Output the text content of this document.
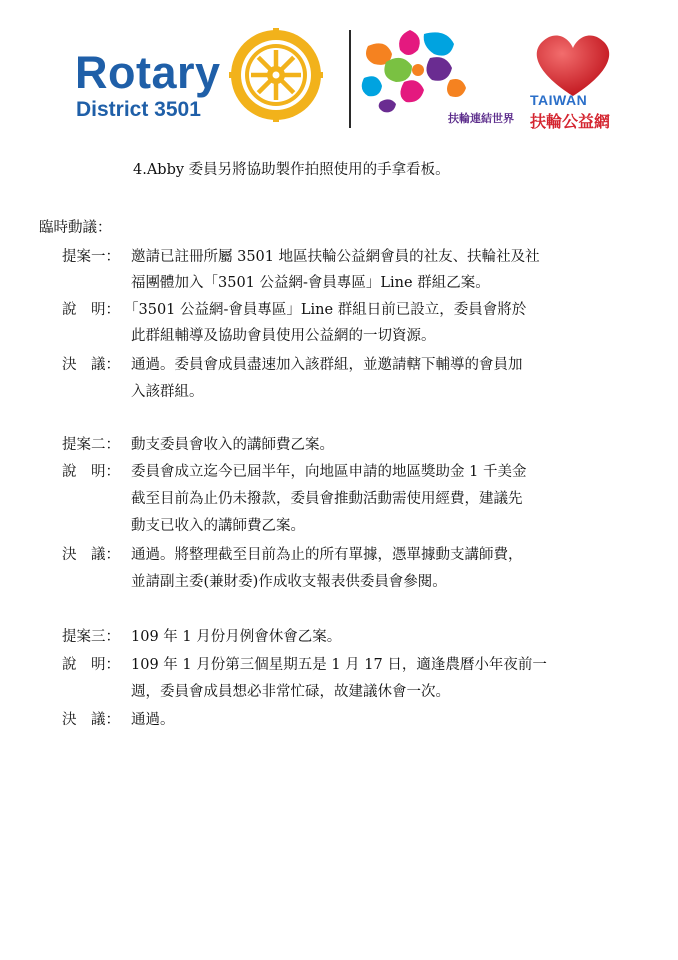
Rotary
District 3501	扶輪連結世界
TAIWAN
扶輪公益網
4.Abby 委員另將協助製作拍照使用的手拿看板。
臨時動議：
提案一： 邀請已註冊所屬 3501 地區扶輪公益網會員的社友、扶輪社及社
福團體加入「3501 公益網-會員專區」Line 群組乙案。
說　明： 「3501 公益網-會員專區」Line 群組日前已設立，委員會將於
此群組輔導及協助會員使用公益網的一切資源。
決　議： 通過。委員會成員盡速加入該群組，並邀請轄下輔導的會員加
入該群組。
提案二： 動支委員會收入的講師費乙案。
說　明： 委員會成立迄今已屆半年，向地區申請的地區獎助金 1 千美金
截至目前為止仍未撥款，委員會推動活動需使用經費，建議先
動支已收入的講師費乙案。
決　議： 通過。將整理截至目前為止的所有單據，憑單據動支講師費，
並請副主委(兼財委)作成收支報表供委員會參閱。
提案三： 109 年 1 月份月例會休會乙案。
說　明： 109 年 1 月份第三個星期五是 1 月 17 日，適逢農曆小年夜前一
週，委員會成員想必非常忙碌，故建議休會一次。
決　議： 通過。
